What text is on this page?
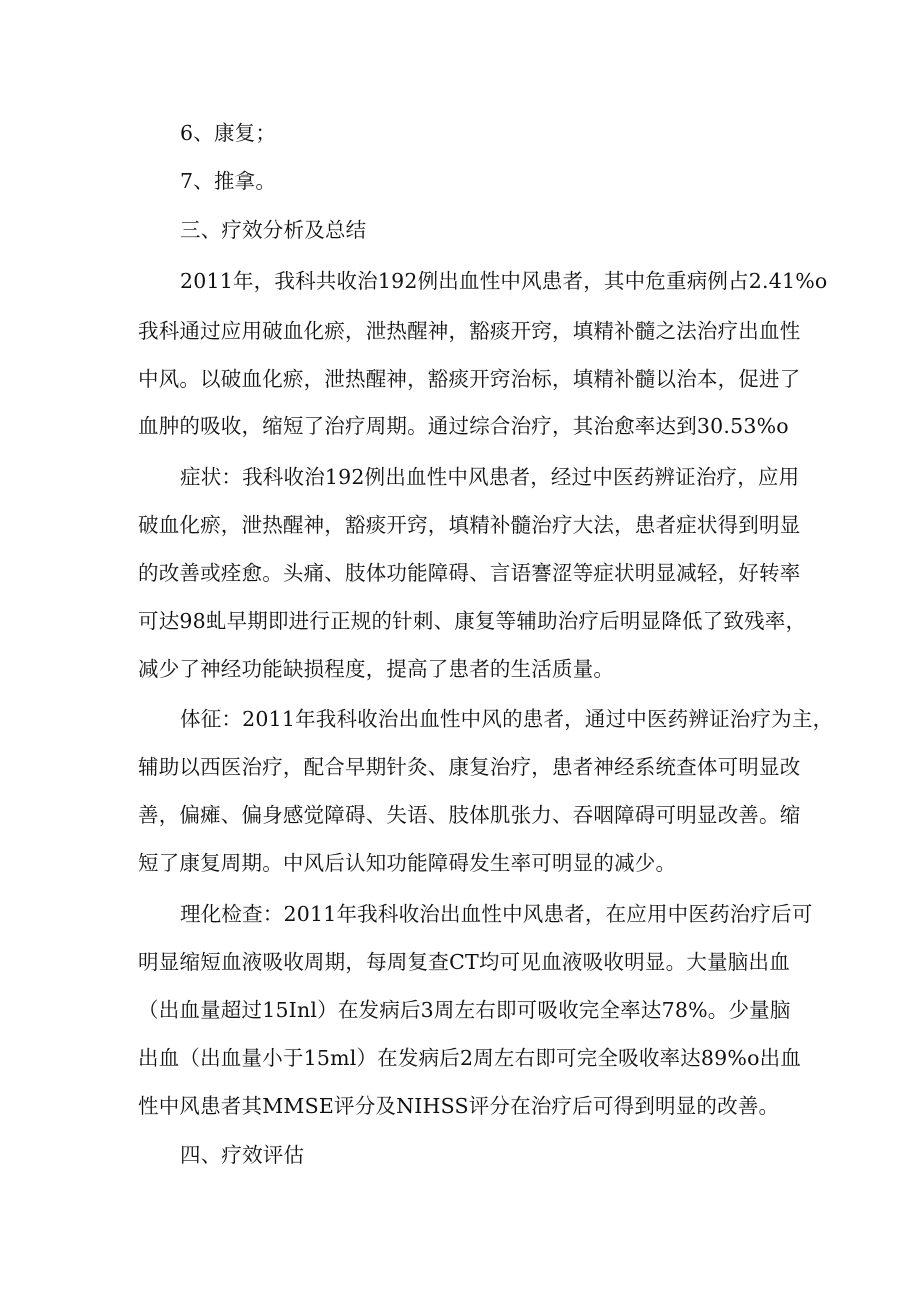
6、康复；
7、推拿。
三、疗效分析及总结
2011年，我科共收治192例出血性中风患者，其中危重病例占2.41%o
我科通过应用破血化瘀，泄热醒神，豁痰开窍，填精补髓之法治疗出血性
中风。以破血化瘀，泄热醒神，豁痰开窍治标，填精补髓以治本，促进了
血肿的吸收，缩短了治疗周期。通过综合治疗，其治愈率达到30.53%o
症状：我科收治192例出血性中风患者，经过中医药辨证治疗，应用
破血化瘀，泄热醒神，豁痰开窍，填精补髓治疗大法，患者症状得到明显
的改善或痊愈。头痛、肢体功能障碍、言语謇涩等症状明显减轻，好转率
可达98虬早期即进行正规的针刺、康复等辅助治疗后明显降低了致残率，
减少了神经功能缺损程度，提高了患者的生活质量。
体征：2011年我科收治出血性中风的患者，通过中医药辨证治疗为主，
辅助以西医治疗，配合早期针灸、康复治疗，患者神经系统查体可明显改
善，偏瘫、偏身感觉障碍、失语、肢体肌张力、吞咽障碍可明显改善。缩
短了康复周期。中风后认知功能障碍发生率可明显的减少。
理化检查：2011年我科收治出血性中风患者，在应用中医药治疗后可
明显缩短血液吸收周期，每周复查CT均可见血液吸收明显。大量脑出血
（出血量超过15Inl）在发病后3周左右即可吸收完全率达78%。少量脑
出血（出血量小于15ml）在发病后2周左右即可完全吸收率达89%o出血
性中风患者其MMSE评分及NIHSS评分在治疗后可得到明显的改善。
四、疗效评估
